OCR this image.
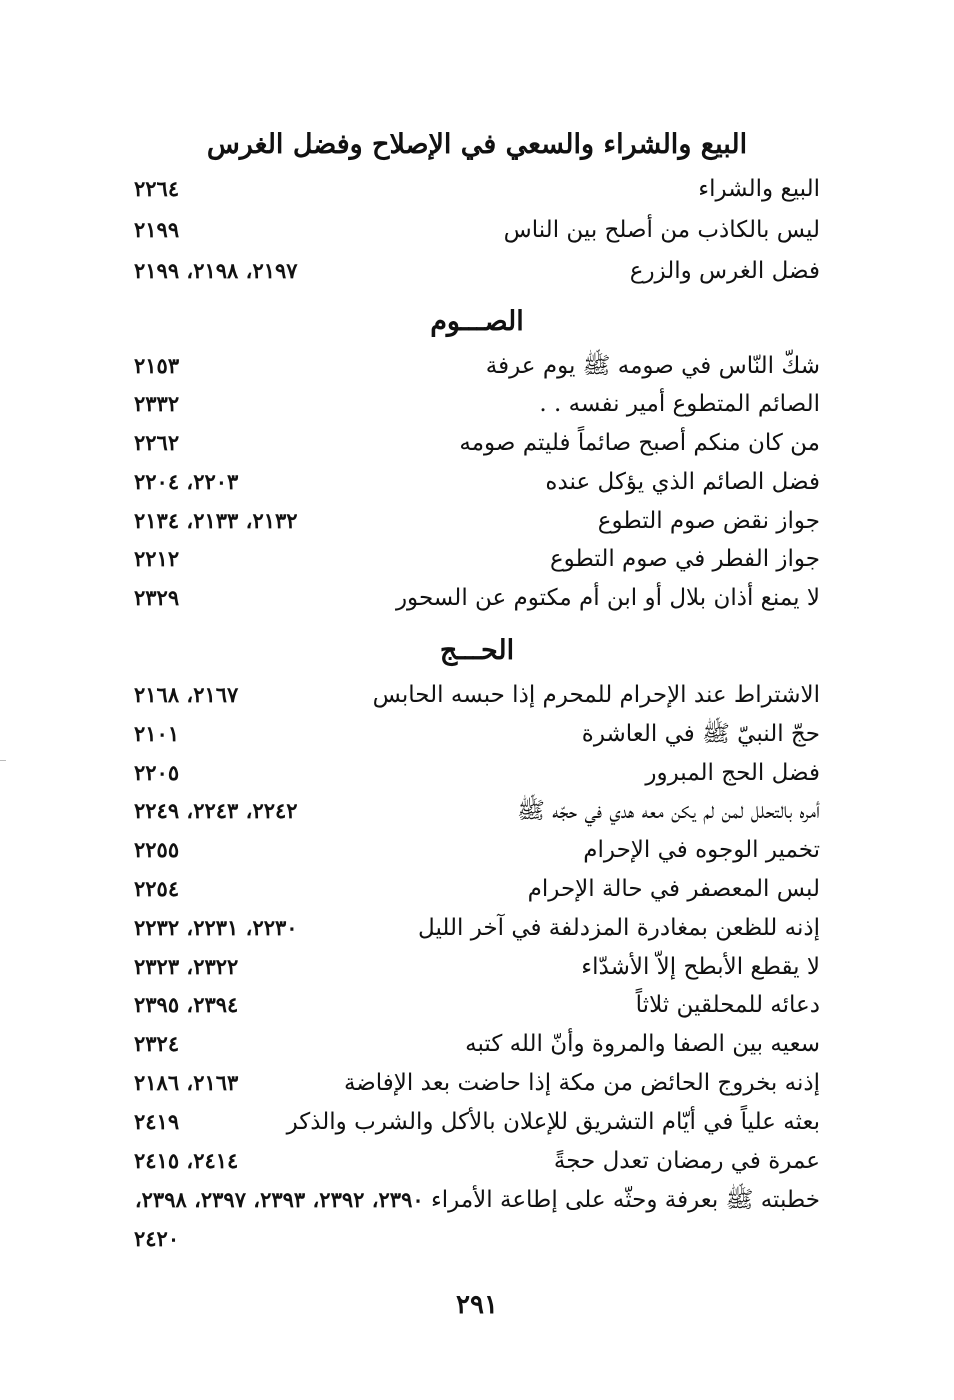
البيع والشراء والسعي في الإصلاح وفضل الغرس
البيع والشراء
٢٢٦٤
ليس بالكاذب من أصلح بين الناس
٢١٩٩
فضل الغرس والزرع
٢١٩٧، ٢١٩٨، ٢١٩٩
الصـــوم
شكّ النّاس في صومه ﷺ يوم عرفة
٢١٥٣
الصائم المتطوع أمير نفسه . .
٢٣٣٢
من كان منكم أصبح صائماً فليتم صومه
٢٢٦٢
فضل الصائم الذي يؤكل عنده
٢٢٠٣، ٢٢٠٤
جواز نقض صوم التطوع
٢١٣٢، ٢١٣٣، ٢١٣٤
جواز الفطر في صوم التطوع
٢٢١٢
لا يمنع أذان بلال أو ابن أم مكتوم عن السحور
٢٣٢٩
الحـــج
الاشتراط عند الإحرام للمحرم إذا حبسه الحابس
٢١٦٧، ٢١٦٨
حجّ النبيّ ﷺ في العاشرة
٢١٠١
فضل الحج المبرور
٢٢٠٥
أمره بالتحلل لمن لم يكن معه هدي في حجّه ﷺ
٢٢٤٢، ٢٢٤٣، ٢٢٤٩
تخمير الوجوه في الإحرام
٢٢٥٥
لبس المعصفر في حالة الإحرام
٢٢٥٤
إذنه للظعن بمغادرة المزدلفة في آخر الليل
٢٢٣٠، ٢٢٣١، ٢٢٣٢
لا يقطع الأبطح إلاّ الأشدّاء
٢٣٢٢، ٢٣٢٣
دعائه للمحلقين ثلاثاً
٢٣٩٤، ٢٣٩٥
سعيه بين الصفا والمروة وأنّ الله كتبه
٢٣٢٤
إذنه بخروج الحائض من مكة إذا حاضت بعد الإفاضة
٢١٦٣، ٢١٨٦
بعثه علياً في أيّام التشريق للإعلان بالأكل والشرب والذكر
٢٤١٩
عمرة في رمضان تعدل حجةً
٢٤١٤، ٢٤١٥
خطبته ﷺ بعرفة وحثّه على إطاعة الأمراء ٢٣٩٠، ٢٣٩٢، ٢٣٩٣، ٢٣٩٧، ٢٣٩٨،
٢٤٢٠
٢٩١
